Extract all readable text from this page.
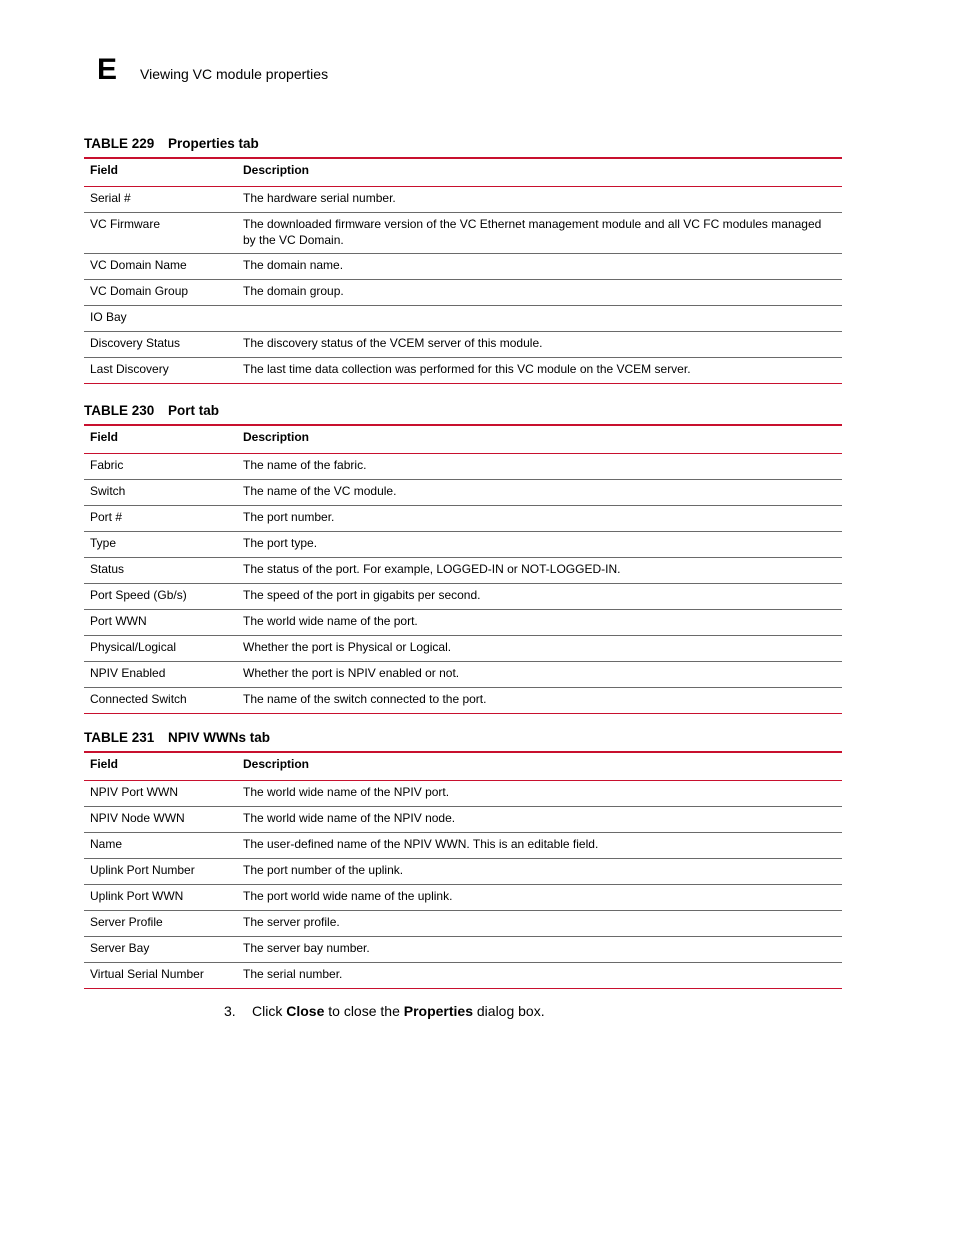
E Viewing VC module properties
TABLE 229 Properties tab
Field	Description
Serial #	The hardware serial number.
VC Firmware	The downloaded firmware version of the VC Ethernet management module and all VC FC modules managed by the VC Domain.
VC Domain Name	The domain name.
VC Domain Group	The domain group.
IO Bay	
Discovery Status	The discovery status of the VCEM server of this module.
Last Discovery	The last time data collection was performed for this VC module on the VCEM server.
TABLE 230 Port tab
Field	Description
Fabric	The name of the fabric.
Switch	The name of the VC module.
Port #	The port number.
Type	The port type.
Status	The status of the port. For example, LOGGED-IN or NOT-LOGGED-IN.
Port Speed (Gb/s)	The speed of the port in gigabits per second.
Port WWN	The world wide name of the port.
Physical/Logical	Whether the port is Physical or Logical.
NPIV Enabled	Whether the port is NPIV enabled or not.
Connected Switch	The name of the switch connected to the port.
TABLE 231 NPIV WWNs tab
Field	Description
NPIV Port WWN	The world wide name of the NPIV port.
NPIV Node WWN	The world wide name of the NPIV node.
Name	The user-defined name of the NPIV WWN. This is an editable field.
Uplink Port Number	The port number of the uplink.
Uplink Port WWN	The port world wide name of the uplink.
Server Profile	The server profile.
Server Bay	The server bay number.
Virtual Serial Number	The serial number.
3. Click Close to close the Properties dialog box.
